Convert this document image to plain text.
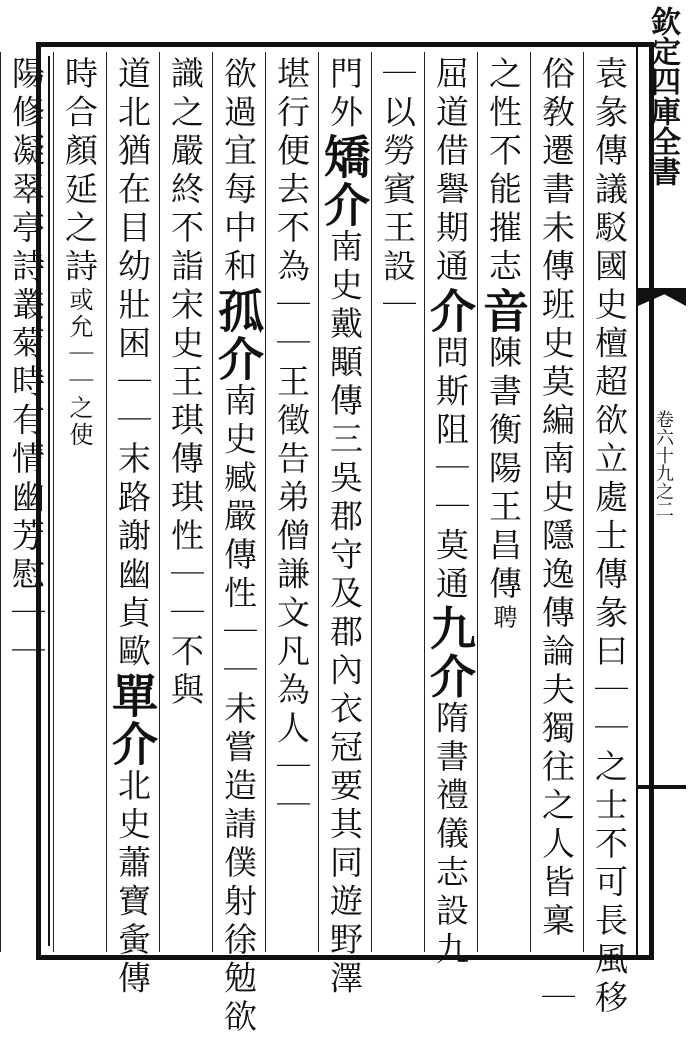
欽定四庫全書
卷六十九之二
袁彖傳議駁國史檀超欲立處士傳彖曰｜｜之士不可長風移
俗敎遷書未傳班史莫編南史隱逸傳論夫獨往之人皆稟｜｜
之性不能摧志音陳書衡陽王昌傳聘
屈道借譽期通介問斯阻｜｜莫通九介隋書禮儀志設九
｜以勞賓王設｜
門外矯介南史戴顒傳三吳郡守及郡內衣冠要其同遊野澤
堪行便去不為｜｜王徵告弟僧謙文凡為人｜｜
欲過宜每中和孤介南史臧嚴傳性｜｜未嘗造請僕射徐勉欲
識之嚴終不詣宋史王琪傳琪性｜｜不與
道北猶在目幼壯困｜｜末路謝幽貞歐單介北史蕭寶夤傳
時合顏延之詩或允｜｜之使
陽修凝翠亭詩叢菊時有情幽芳慰｜｜
